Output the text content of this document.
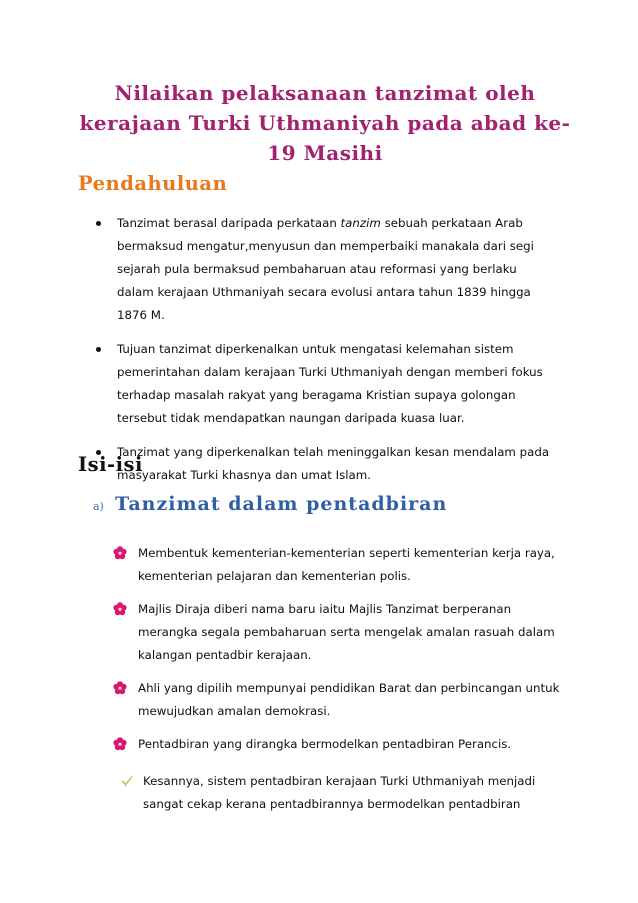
Nilaikan pelaksanaan tanzimat oleh
kerajaan Turki Uthmaniyah pada abad ke-
19 Masihi
Pendahuluan
Tanzimat berasal daripada perkataan tanzim sebuah perkataan Arab bermaksud mengatur,menyusun dan memperbaiki manakala dari segi sejarah pula bermaksud pembaharuan atau reformasi yang berlaku dalam kerajaan Uthmaniyah secara evolusi antara tahun 1839 hingga 1876 M.
Tujuan tanzimat diperkenalkan untuk mengatasi kelemahan sistem pemerintahan dalam kerajaan Turki Uthmaniyah dengan memberi fokus terhadap masalah rakyat yang beragama Kristian supaya golongan tersebut tidak mendapatkan naungan daripada kuasa luar.
Tanzimat yang diperkenalkan telah meninggalkan kesan mendalam pada masyarakat Turki khasnya dan umat Islam.
Isi-isi
a) Tanzimat dalam pentadbiran
Membentuk kementerian-kementerian seperti kementerian kerja raya, kementerian pelajaran dan kementerian polis.
Majlis Diraja diberi nama baru iaitu Majlis Tanzimat berperanan merangka segala pembaharuan serta mengelak amalan rasuah dalam kalangan pentadbir kerajaan.
Ahli yang dipilih mempunyai pendidikan Barat dan perbincangan untuk mewujudkan amalan demokrasi.
Pentadbiran yang dirangka bermodelkan pentadbiran Perancis.

Kesannya, sistem pentadbiran kerajaan Turki Uthmaniyah menjadi sangat cekap kerana pentadbirannya bermodelkan pentadbiran
